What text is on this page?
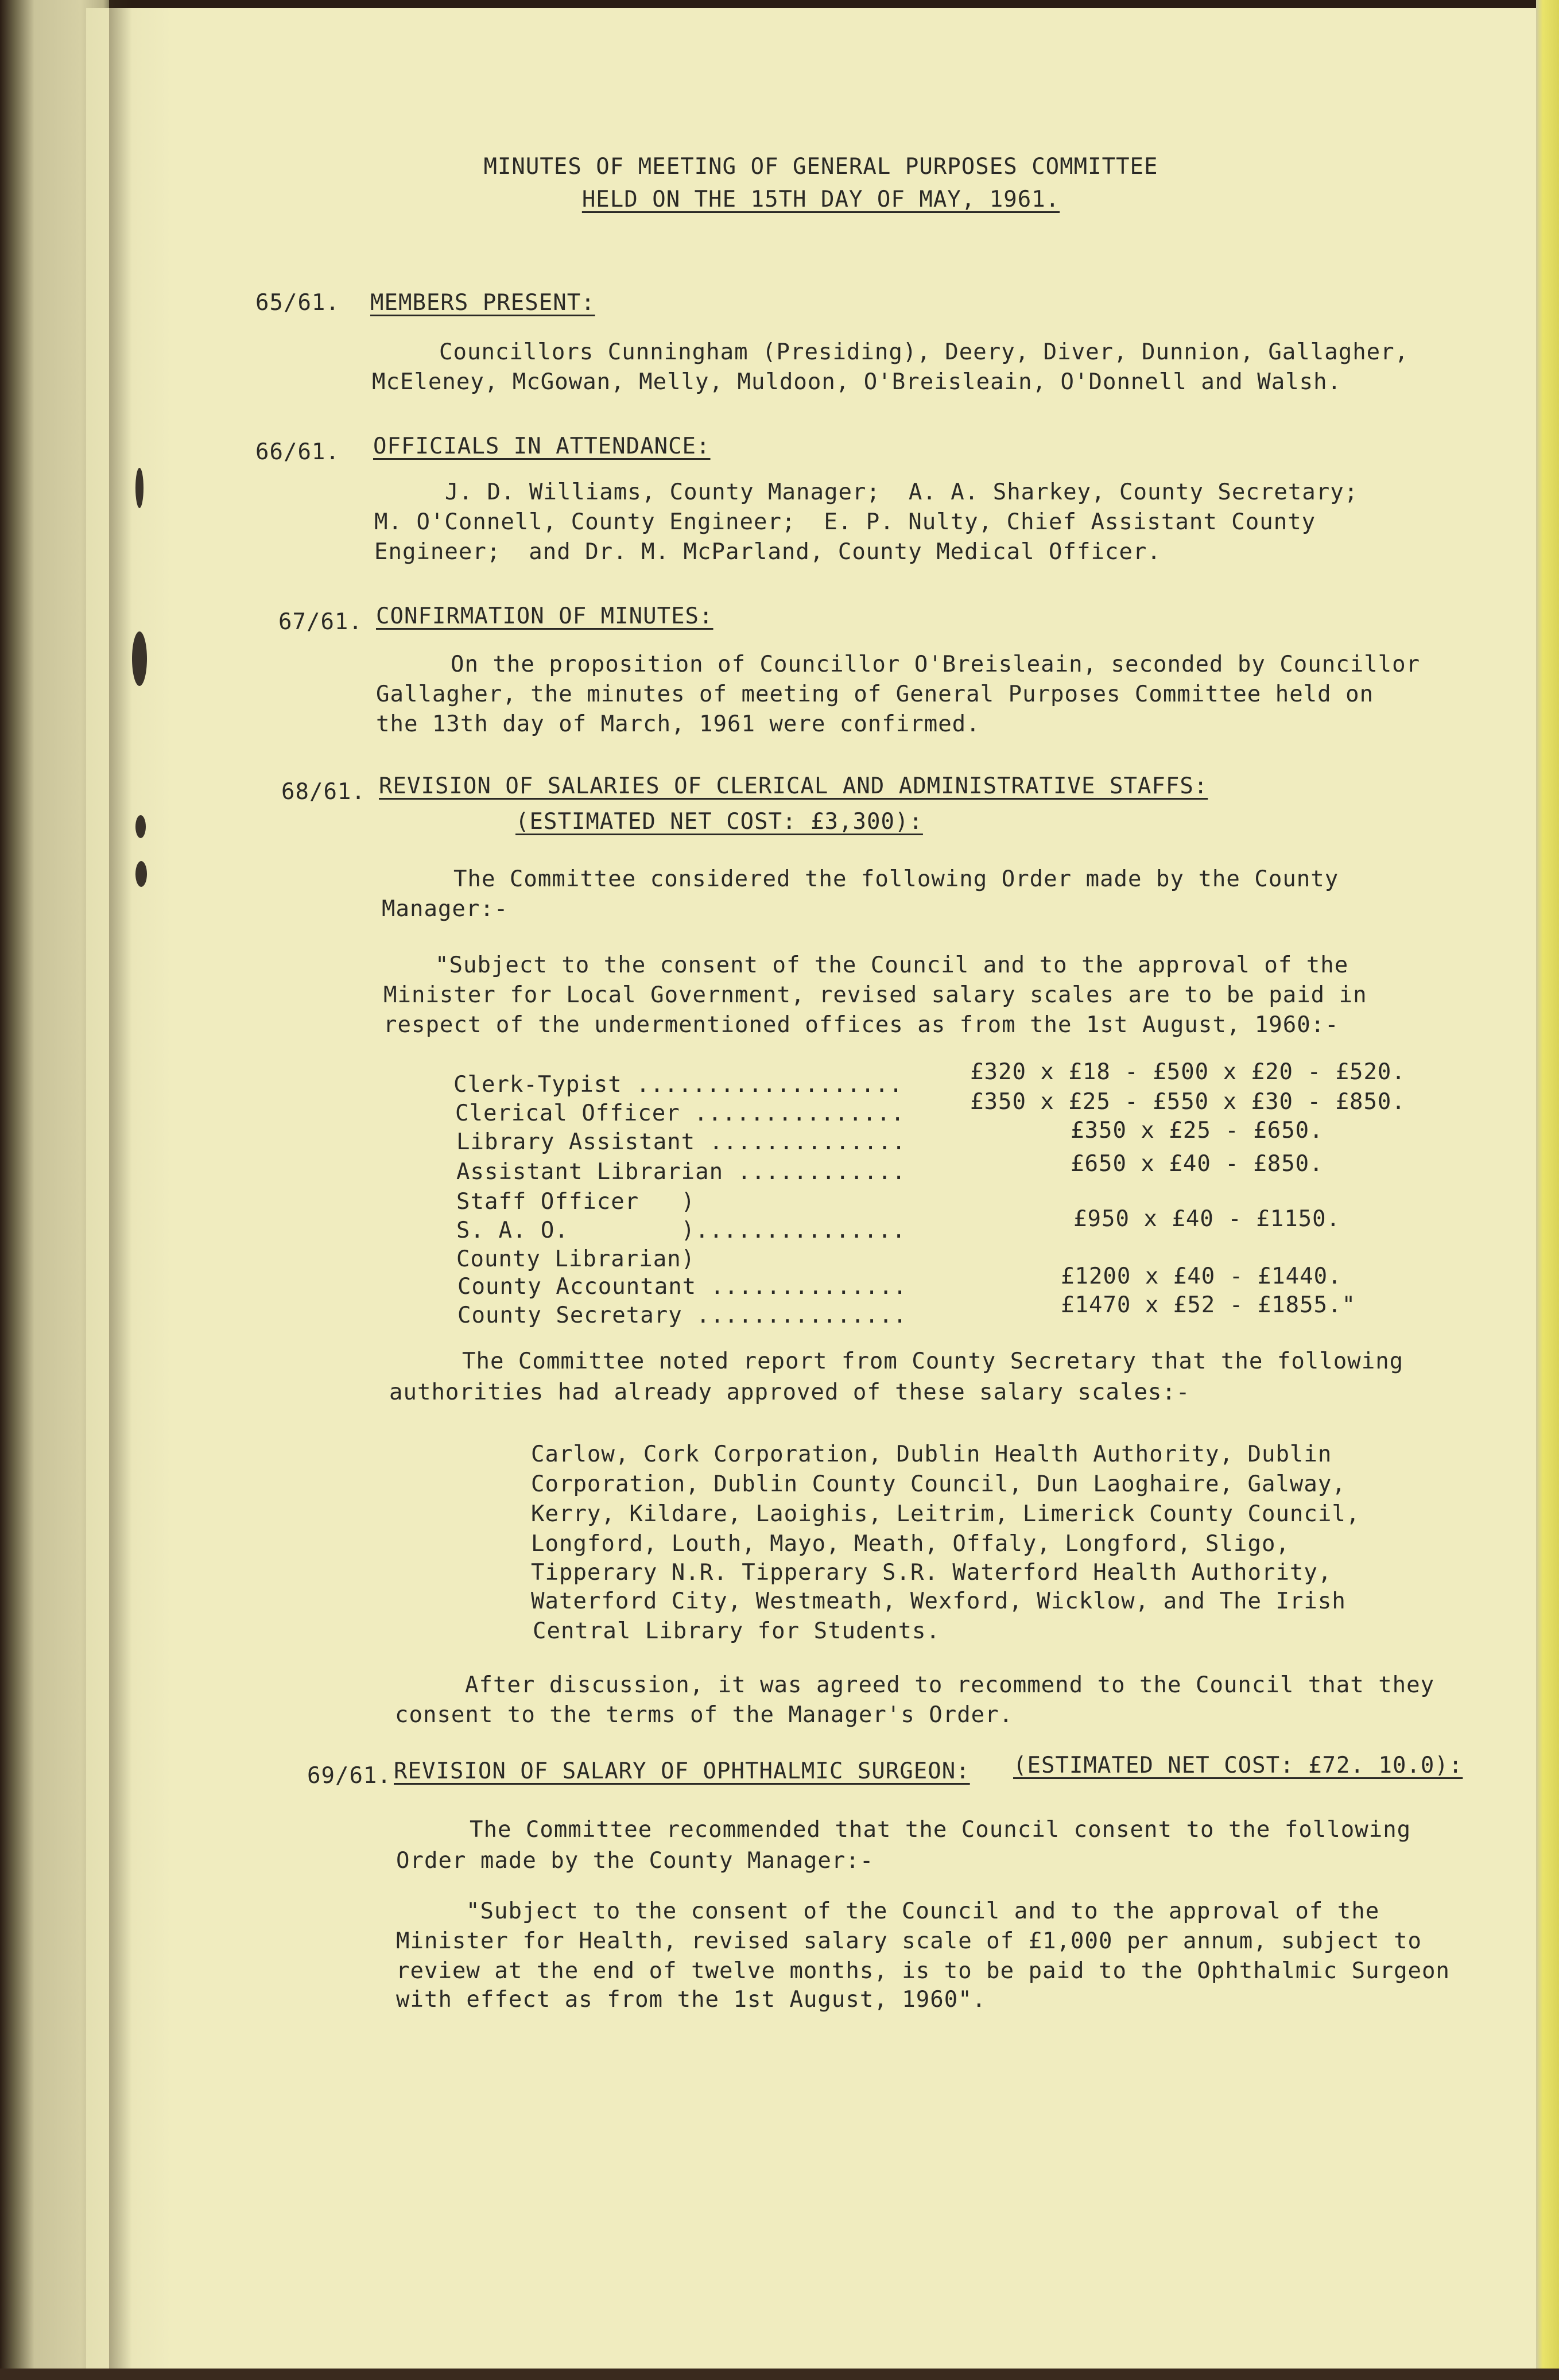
MINUTES OF MEETING OF GENERAL PURPOSES COMMITTEE
HELD ON THE 15TH DAY OF MAY, 1961.
65/61. MEMBERS PRESENT:
Councillors Cunningham (Presiding), Deery, Diver, Dunnion, Gallagher,
McEleney, McGowan, Melly, Muldoon, O'Breisleain, O'Donnell and Walsh.
66/61. OFFICIALS IN ATTENDANCE:
J. D. Williams, County Manager;  A. A. Sharkey, County Secretary;
M. O'Connell, County Engineer;  E. P. Nulty, Chief Assistant County
Engineer;  and Dr. M. McParland, County Medical Officer.
67/61. CONFIRMATION OF MINUTES:
On the proposition of Councillor O'Breisleain, seconded by Councillor
Gallagher, the minutes of meeting of General Purposes Committee held on
the 13th day of March, 1961 were confirmed.
68/61. REVISION OF SALARIES OF CLERICAL AND ADMINISTRATIVE STAFFS:
(ESTIMATED NET COST: £3,300):
The Committee considered the following Order made by the County
Manager:-
"Subject to the consent of the Council and to the approval of the
Minister for Local Government, revised salary scales are to be paid in
respect of the undermentioned offices as from the 1st August, 1960:-
Clerk-Typist ...................	£320 x £18 - £500 x £20 - £520.
Clerical Officer ...............	£350 x £25 - £550 x £30 - £850.
Library Assistant ..............	£350 x £25 - £650.
Assistant Librarian ............	£650 x £40 - £850.
Staff Officer   )
S. A. O.        )...............	£950 x £40 - £1150.
County Librarian)
County Accountant ..............	£1200 x £40 - £1440.
County Secretary ...............	£1470 x £52 - £1855."
The Committee noted report from County Secretary that the following
authorities had already approved of these salary scales:-
Carlow, Cork Corporation, Dublin Health Authority, Dublin
Corporation, Dublin County Council, Dun Laoghaire, Galway,
Kerry, Kildare, Laoighis, Leitrim, Limerick County Council,
Longford, Louth, Mayo, Meath, Offaly, Longford, Sligo,
Tipperary N.R. Tipperary S.R. Waterford Health Authority,
Waterford City, Westmeath, Wexford, Wicklow, and The Irish
Central Library for Students.
After discussion, it was agreed to recommend to the Council that they
consent to the terms of the Manager's Order.
69/61. REVISION OF SALARY OF OPHTHALMIC SURGEON: (ESTIMATED NET COST: £72. 10.0):
The Committee recommended that the Council consent to the following
Order made by the County Manager:-
"Subject to the consent of the Council and to the approval of the
Minister for Health, revised salary scale of £1,000 per annum, subject to
review at the end of twelve months, is to be paid to the Ophthalmic Surgeon
with effect as from the 1st August, 1960".
